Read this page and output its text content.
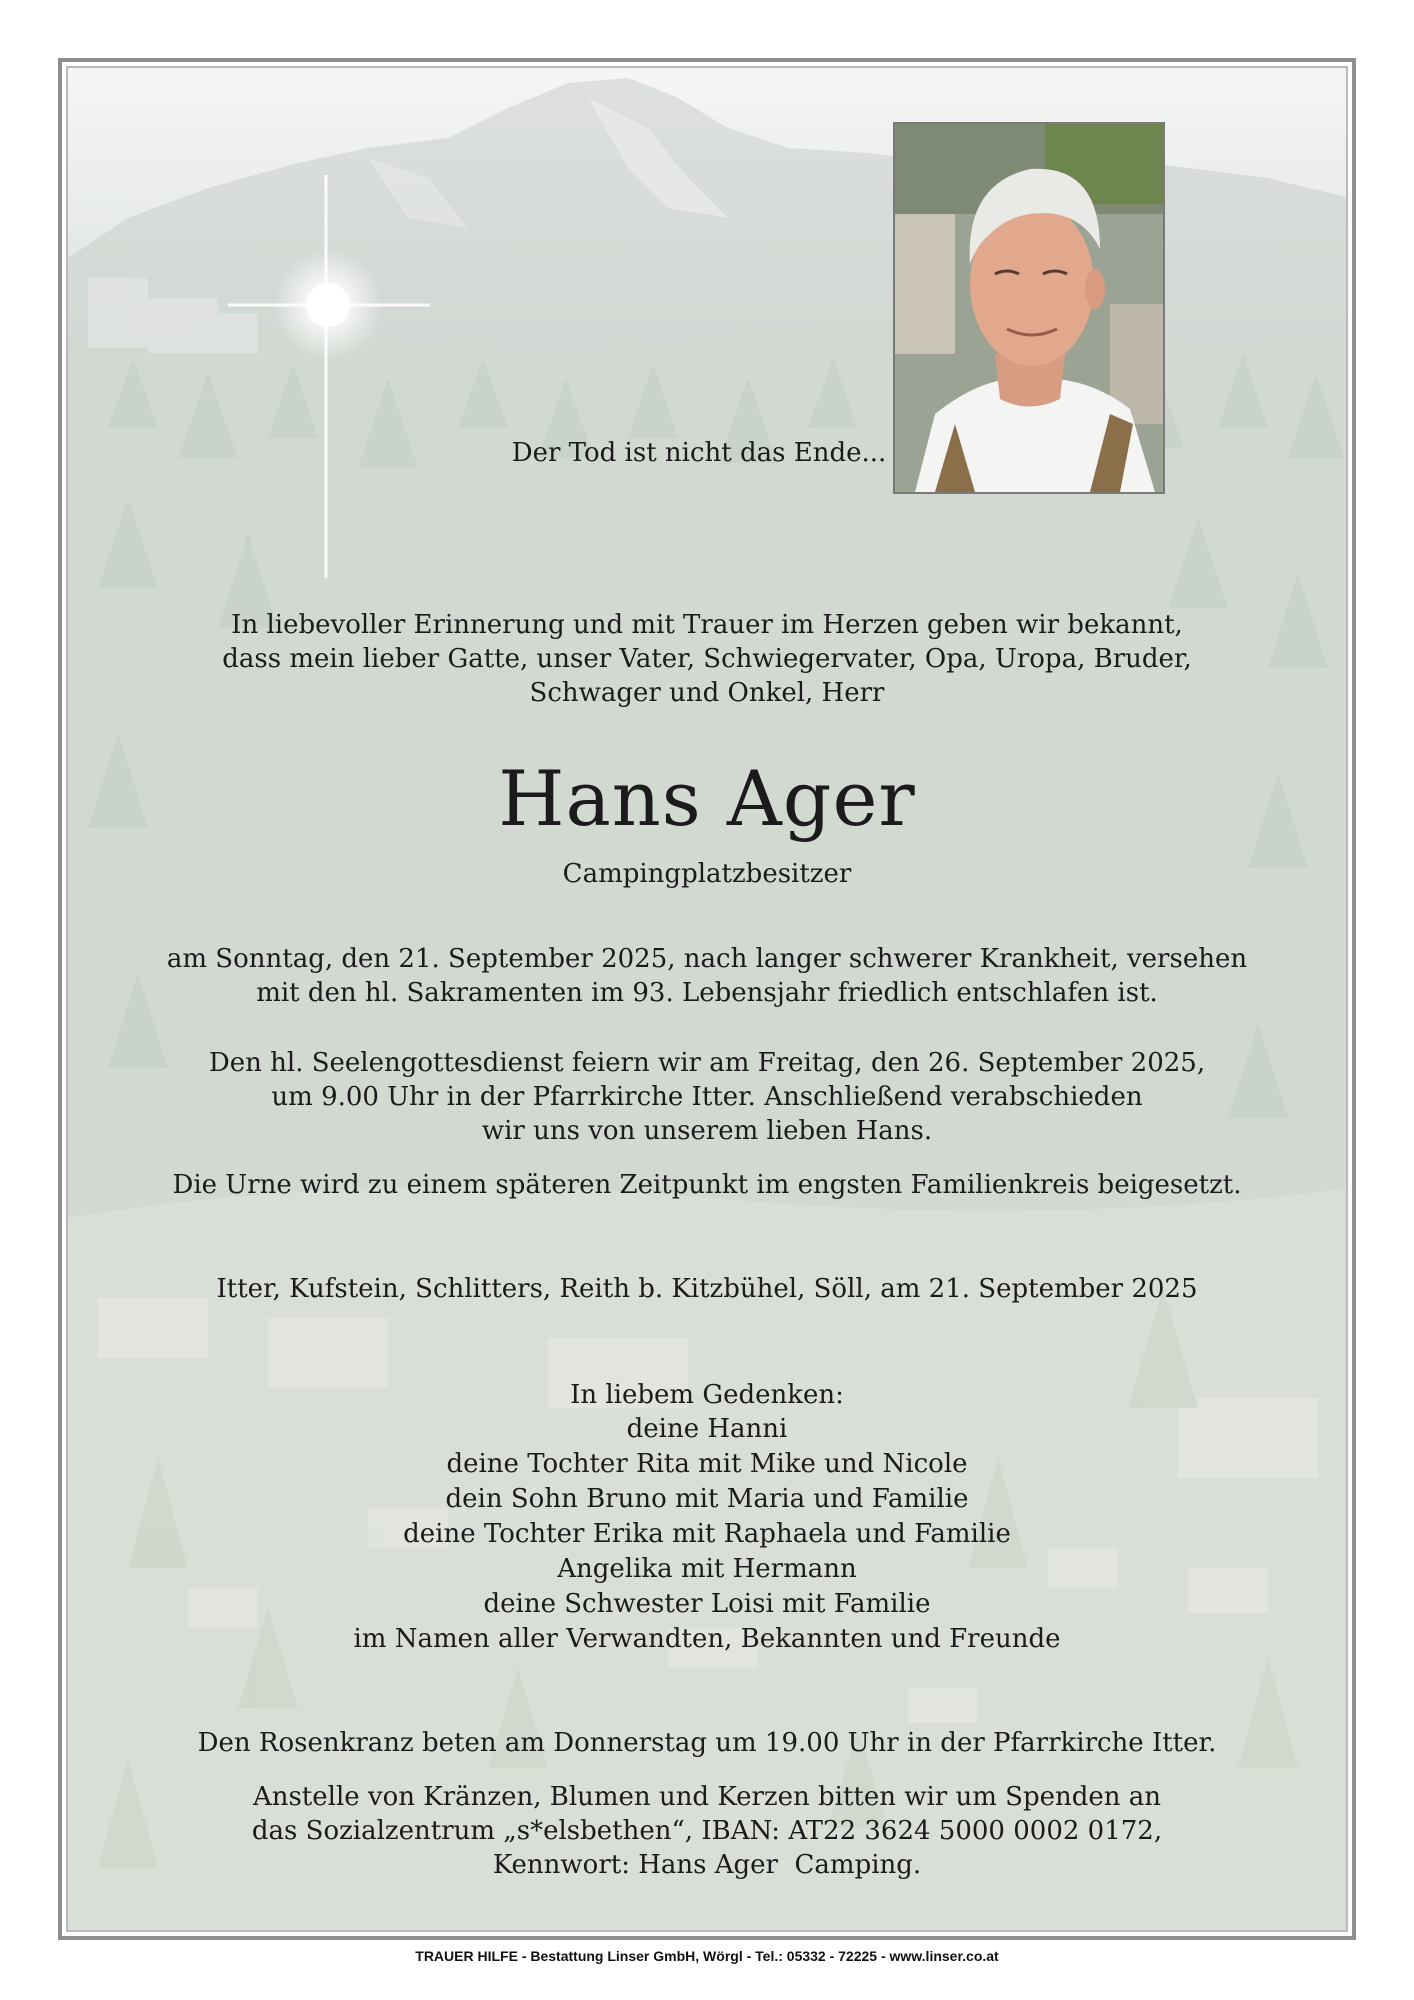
Der Tod ist nicht das Ende...
In liebevoller Erinnerung und mit Trauer im Herzen geben wir bekannt,
dass mein lieber Gatte, unser Vater, Schwiegervater, Opa, Uropa, Bruder,
Schwager und Onkel, Herr
Hans Ager
Campingplatzbesitzer
am Sonntag, den 21. September 2025, nach langer schwerer Krankheit, versehen
mit den hl. Sakramenten im 93. Lebensjahr friedlich entschlafen ist.
Den hl. Seelengottesdienst feiern wir am Freitag, den 26. September 2025,
um 9.00 Uhr in der Pfarrkirche Itter. Anschließend verabschieden
wir uns von unserem lieben Hans.
Die Urne wird zu einem späteren Zeitpunkt im engsten Familienkreis beigesetzt.
Itter, Kufstein, Schlitters, Reith b. Kitzbühel, Söll, am 21. September 2025
In liebem Gedenken:
deine Hanni
deine Tochter Rita mit Mike und Nicole
dein Sohn Bruno mit Maria und Familie
deine Tochter Erika mit Raphaela und Familie
Angelika mit Hermann
deine Schwester Loisi mit Familie
im Namen aller Verwandten, Bekannten und Freunde
Den Rosenkranz beten am Donnerstag um 19.00 Uhr in der Pfarrkirche Itter.
Anstelle von Kränzen, Blumen und Kerzen bitten wir um Spenden an
das Sozialzentrum „s*elsbethen“, IBAN: AT22 3624 5000 0002 0172,
Kennwort: Hans Ager  Camping.
TRAUER HILFE - Bestattung Linser GmbH, Wörgl - Tel.: 05332 - 72225 - www.linser.co.at
